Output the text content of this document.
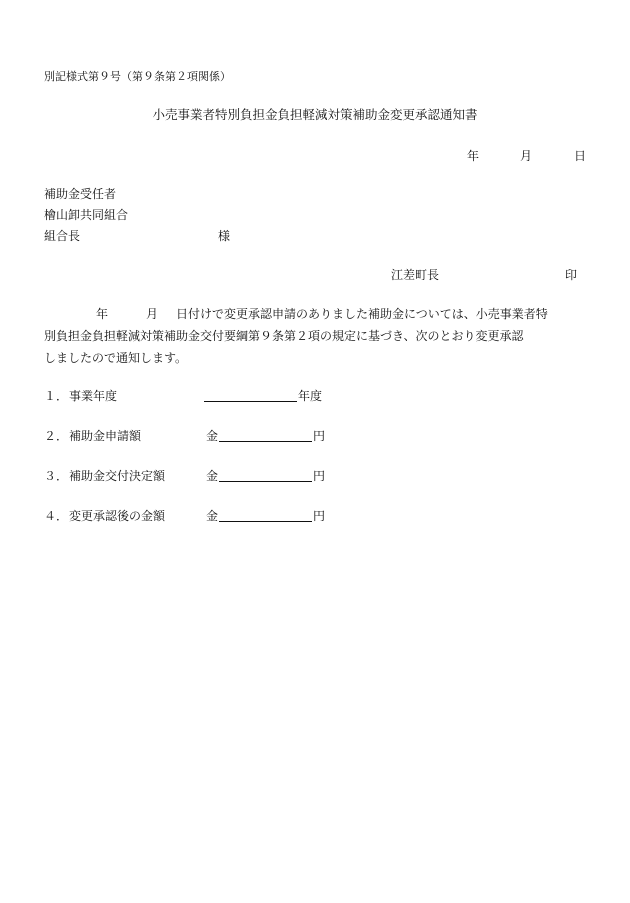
別記様式第９号（第９条第２項関係）
小売事業者特別負担金負担軽減対策補助金変更承認通知書
年	月	日
補助金受任者
檜山卸共同組合
組合長	様
江差町長	印
年	月 日付けで変更承認申請のありました補助金については、小売事業者特
別負担金負担軽減対策補助金交付要綱第９条第２項の規定に基づき、次のとおり変更承認
しましたので通知します。
１． 事業年度	年度
２． 補助金申請額	金	円
３． 補助金交付決定額	金	円
４． 変更承認後の金額	金	円
